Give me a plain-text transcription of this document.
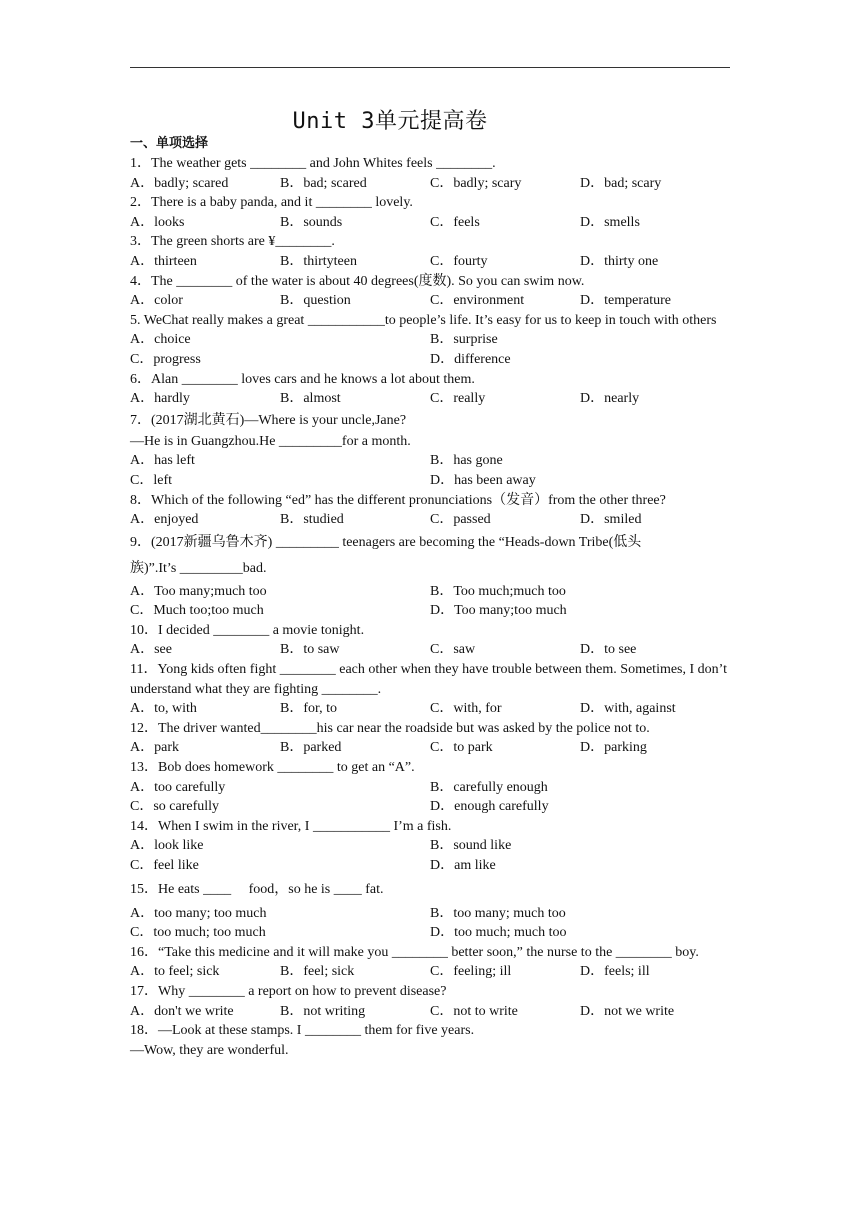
Unit 3单元提高卷
一、单项选择
1．The weather gets ________ and John Whites feels ________.
A．badly; scared	B．bad; scared	C．badly; scary	D．bad; scary
2．There is a baby panda, and it ________ lovely.
A．looks	B．sounds	C．feels	D．smells
3．The green shorts are ¥________.
A．thirteen	B．thirtyteen	C．fourty	D．thirty one
4．The ________ of the water is about 40 degrees(度数). So you can swim now.
A．color	B．question	C．environment	D．temperature
5. WeChat really makes a great ___________to people’s life. It’s easy for us to keep in touch with others
A．choice	B．surprise
C．progress	D．difference
6．Alan ________ loves cars and he knows a lot about them.
A．hardly	B．almost	C．really	D．nearly
7．(2017湖北黄石)—Where is your uncle,Jane?
—He is in Guangzhou.He _________for a month.
A．has left	B．has gone
C．left	D．has been away
8．Which of the following “ed” has the different pronunciations（发音）from the other three?
A．enjoyed	B．studied	C．passed	D．smiled
9．(2017新疆乌鲁木齐) _________ teenagers are becoming the “Heads-down Tribe(低头
族)”.It’s _________bad.
A．Too many;much too	B．Too much;much too
C．Much too;too much	D．Too many;too much
10．I decided ________ a movie tonight.
A．see	B．to saw	C．saw	D．to see
11．Yong kids often fight ________ each other when they have trouble between them. Sometimes, I don’t understand what they are fighting ________.
A．to, with	B．for, to	C．with, for	D．with, against
12．The driver wanted________his car near the roadside but was asked by the police not to.
A．park	B．parked	C．to park	D．parking
13．Bob does homework ________ to get an “A”.
A．too carefully	B．carefully enough
C．so carefully	D．enough carefully
14．When I swim in the river, I ___________ I’m a fish.
A．look like	B．sound like
C．feel like	D．am like
15．He eats ____     food，so he is ____ fat.
A．too many; too much	B．too many; much too
C．too much; too much	D．too much; much too
16．“Take this medicine and it will make you ________ better soon,” the nurse to the ________ boy.
A．to feel; sick	B．feel; sick	C．feeling; ill	D．feels; ill
17．Why ________ a report on how to prevent disease?
A．don't we write	B．not writing	C．not to write	D．not we write
18．—Look at these stamps. I ________ them for five years.
—Wow, they are wonderful.
